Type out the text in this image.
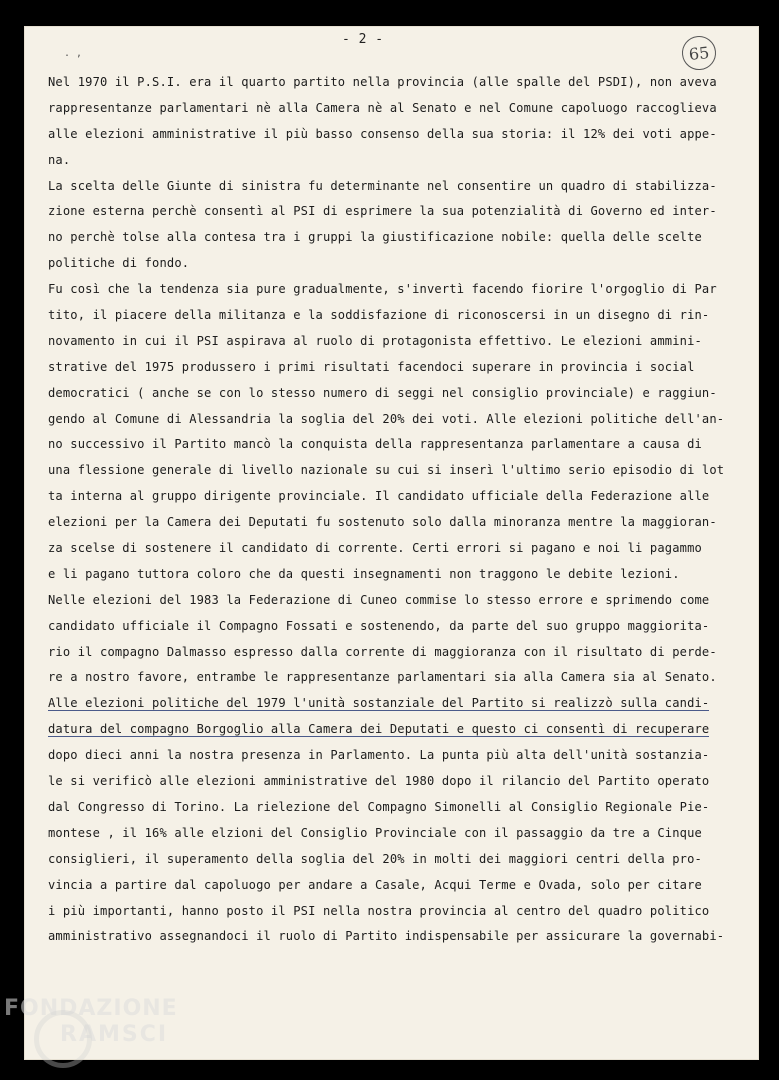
. ,
- 2 -
65
Nel 1970 il P.S.I. era il quarto partito nella provincia (alle spalle del PSDI), non aveva
rappresentanze parlamentari nè alla Camera nè al Senato e nel Comune capoluogo raccoglieva
alle elezioni amministrative il più basso consenso della sua storia: il 12% dei voti appe-
na.
La scelta delle Giunte di sinistra fu determinante nel consentire un quadro di stabilizza-
zione esterna perchè consentì al PSI di esprimere la sua potenzialità di Governo ed inter-
no perchè tolse alla contesa tra i gruppi la giustificazione nobile: quella delle scelte
politiche di fondo.
Fu così che la tendenza sia pure gradualmente, s'invertì facendo fiorire l'orgoglio di Par
tito, il piacere della militanza e la soddisfazione di riconoscersi in un disegno di rin-
novamento in cui il PSI aspirava al ruolo di protagonista effettivo. Le elezioni ammini-
strative del 1975 produssero i primi risultati facendoci superare in provincia i social
democratici ( anche se con lo stesso numero di seggi nel consiglio provinciale) e raggiun-
gendo al Comune di Alessandria la soglia del 20% dei voti. Alle elezioni politiche dell'an-
no successivo il Partito mancò la conquista della rappresentanza parlamentare a causa di
una flessione generale di livello nazionale su cui si inserì l'ultimo serio episodio di lot
ta interna al gruppo dirigente provinciale. Il candidato ufficiale della Federazione alle
elezioni per la Camera dei Deputati fu sostenuto solo dalla minoranza mentre la maggioran-
za scelse di sostenere il candidato di corrente. Certi errori si pagano e noi li pagammo
e li pagano tuttora coloro che da questi insegnamenti non traggono le debite lezioni.
Nelle elezioni del 1983 la Federazione di Cuneo commise lo stesso errore e sprimendo come
candidato ufficiale il Compagno Fossati e sostenendo, da parte del suo gruppo maggiorita-
rio il compagno Dalmasso espresso dalla corrente di maggioranza con il risultato di perde-
re a nostro favore, entrambe le rappresentanze parlamentari sia alla Camera sia al Senato.
Alle elezioni politiche del 1979 l'unità sostanziale del Partito si realizzò sulla candi-
datura del compagno Borgoglio alla Camera dei Deputati e questo ci consentì di recuperare
dopo dieci anni la nostra presenza in Parlamento. La punta più alta dell'unità sostanzia-
le si verificò alle elezioni amministrative del 1980 dopo il rilancio del Partito operato
dal Congresso di Torino. La rielezione del Compagno Simonelli al Consiglio Regionale Pie-
montese , il 16% alle elzioni del Consiglio Provinciale con il passaggio da tre a Cinque
consiglieri, il superamento della soglia del 20% in molti dei maggiori centri della pro-
vincia a partire dal capoluogo per andare a Casale, Acqui Terme e Ovada, solo per citare
i più importanti, hanno posto il PSI nella nostra provincia al centro del quadro politico
amministrativo assegnandoci il ruolo di Partito indispensabile per assicurare la governabi-
FONDAZIONE
RAMSCI
